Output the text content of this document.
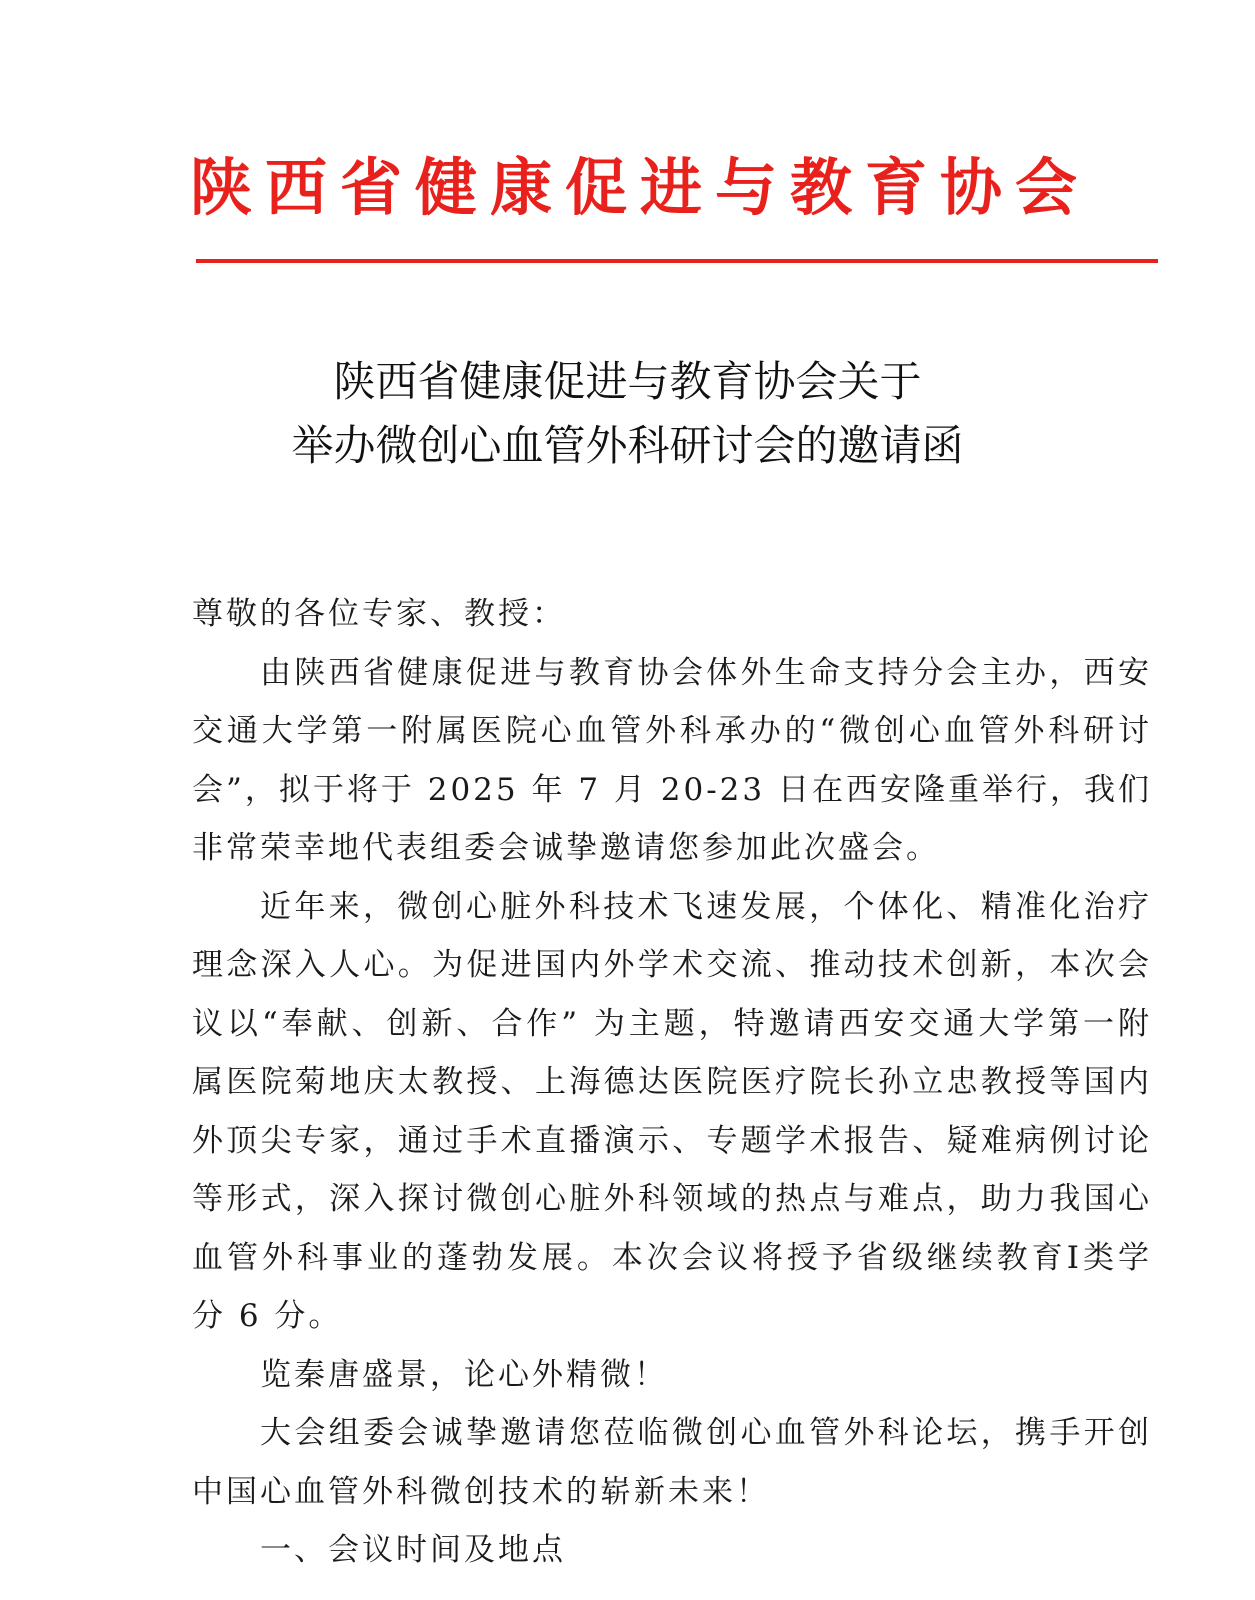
陕西省健康促进与教育协会
陕西省健康促进与教育协会关于
举办微创心血管外科研讨会的邀请函

尊敬的各位专家、教授：

由陕西省健康促进与教育协会体外生命支持分会主办，西安交通大学第一附属医院心血管外科承办的“微创心血管外科研讨会”，拟于将于 2025 年 7 月 20-23 日在西安隆重举行，我们非常荣幸地代表组委会诚挚邀请您参加此次盛会。

近年来，微创心脏外科技术飞速发展，个体化、精准化治疗理念深入人心。为促进国内外学术交流、推动技术创新，本次会议以“奉献、创新、合作” 为主题，特邀请西安交通大学第一附属医院菊地庆太教授、上海德达医院医疗院长孙立忠教授等国内外顶尖专家，通过手术直播演示、专题学术报告、疑难病例讨论等形式，深入探讨微创心脏外科领域的热点与难点，助力我国心血管外科事业的蓬勃发展。本次会议将授予省级继续教育Ⅰ类学分 6 分。

览秦唐盛景，论心外精微！

大会组委会诚挚邀请您莅临微创心血管外科论坛，携手开创中国心血管外科微创技术的崭新未来！

一、会议时间及地点
